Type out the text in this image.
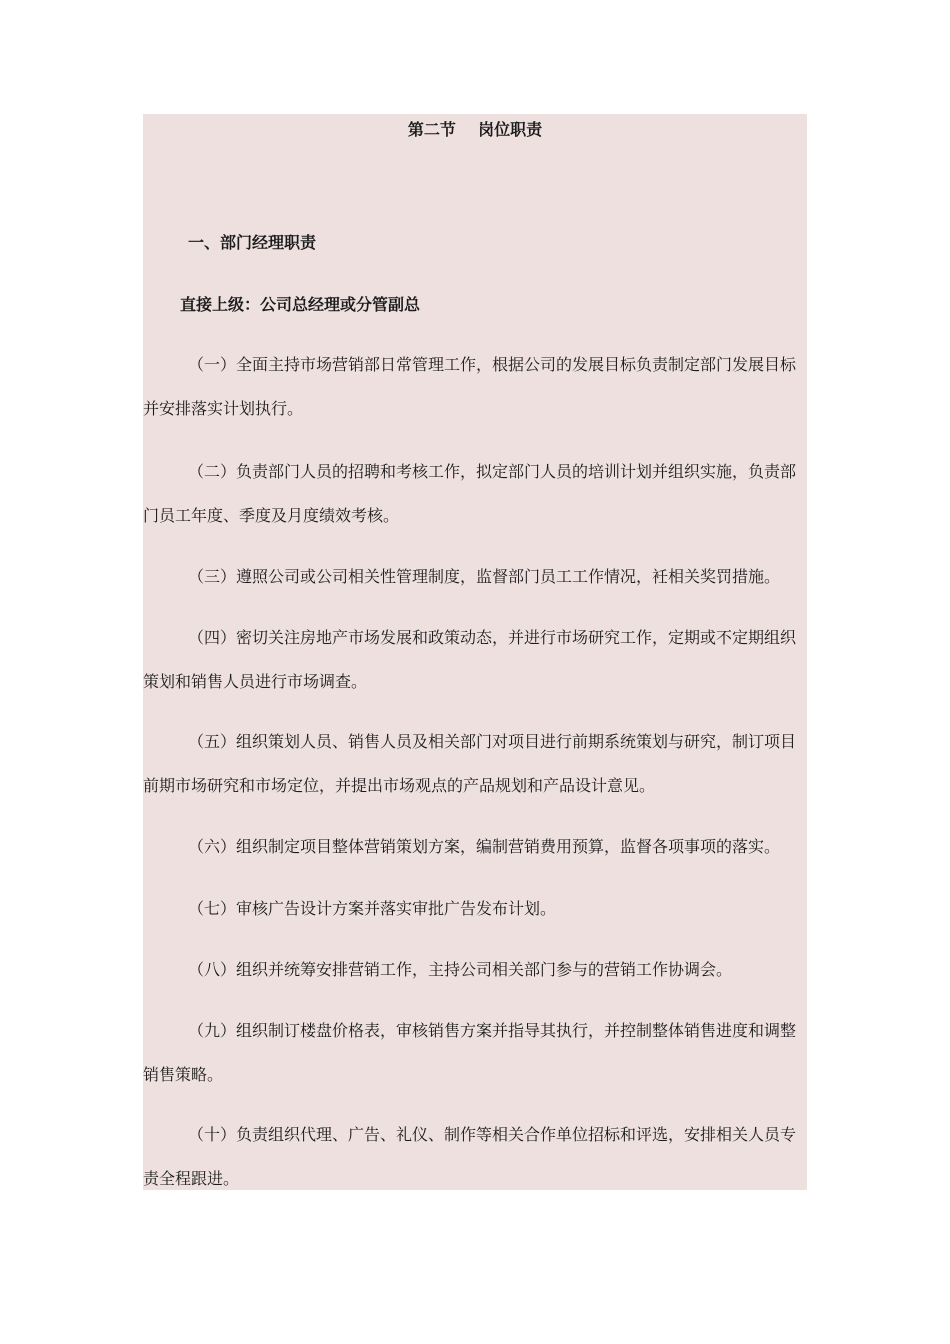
第二节    岗位职责
一、部门经理职责
直接上级：公司总经理或分管副总
（一）全面主持市场营销部日常管理工作，根据公司的发展目标负责制定部门发展目标并安排落实计划执行。
（二）负责部门人员的招聘和考核工作，拟定部门人员的培训计划并组织实施，负责部门员工年度、季度及月度绩效考核。
（三）遵照公司或公司相关性管理制度，监督部门员工工作情况，衽相关奖罚措施。
（四）密切关注房地产市场发展和政策动态，并进行市场研究工作，定期或不定期组织策划和销售人员进行市场调查。
（五）组织策划人员、销售人员及相关部门对项目进行前期系统策划与研究，制订项目前期市场研究和市场定位，并提出市场观点的产品规划和产品设计意见。
（六）组织制定项目整体营销策划方案，编制营销费用预算，监督各项事项的落实。
（七）审核广告设计方案并落实审批广告发布计划。
（八）组织并统筹安排营销工作，主持公司相关部门参与的营销工作协调会。
（九）组织制订楼盘价格表，审核销售方案并指导其执行，并控制整体销售进度和调整销售策略。
（十）负责组织代理、广告、礼仪、制作等相关合作单位招标和评选，安排相关人员专责全程跟进。
